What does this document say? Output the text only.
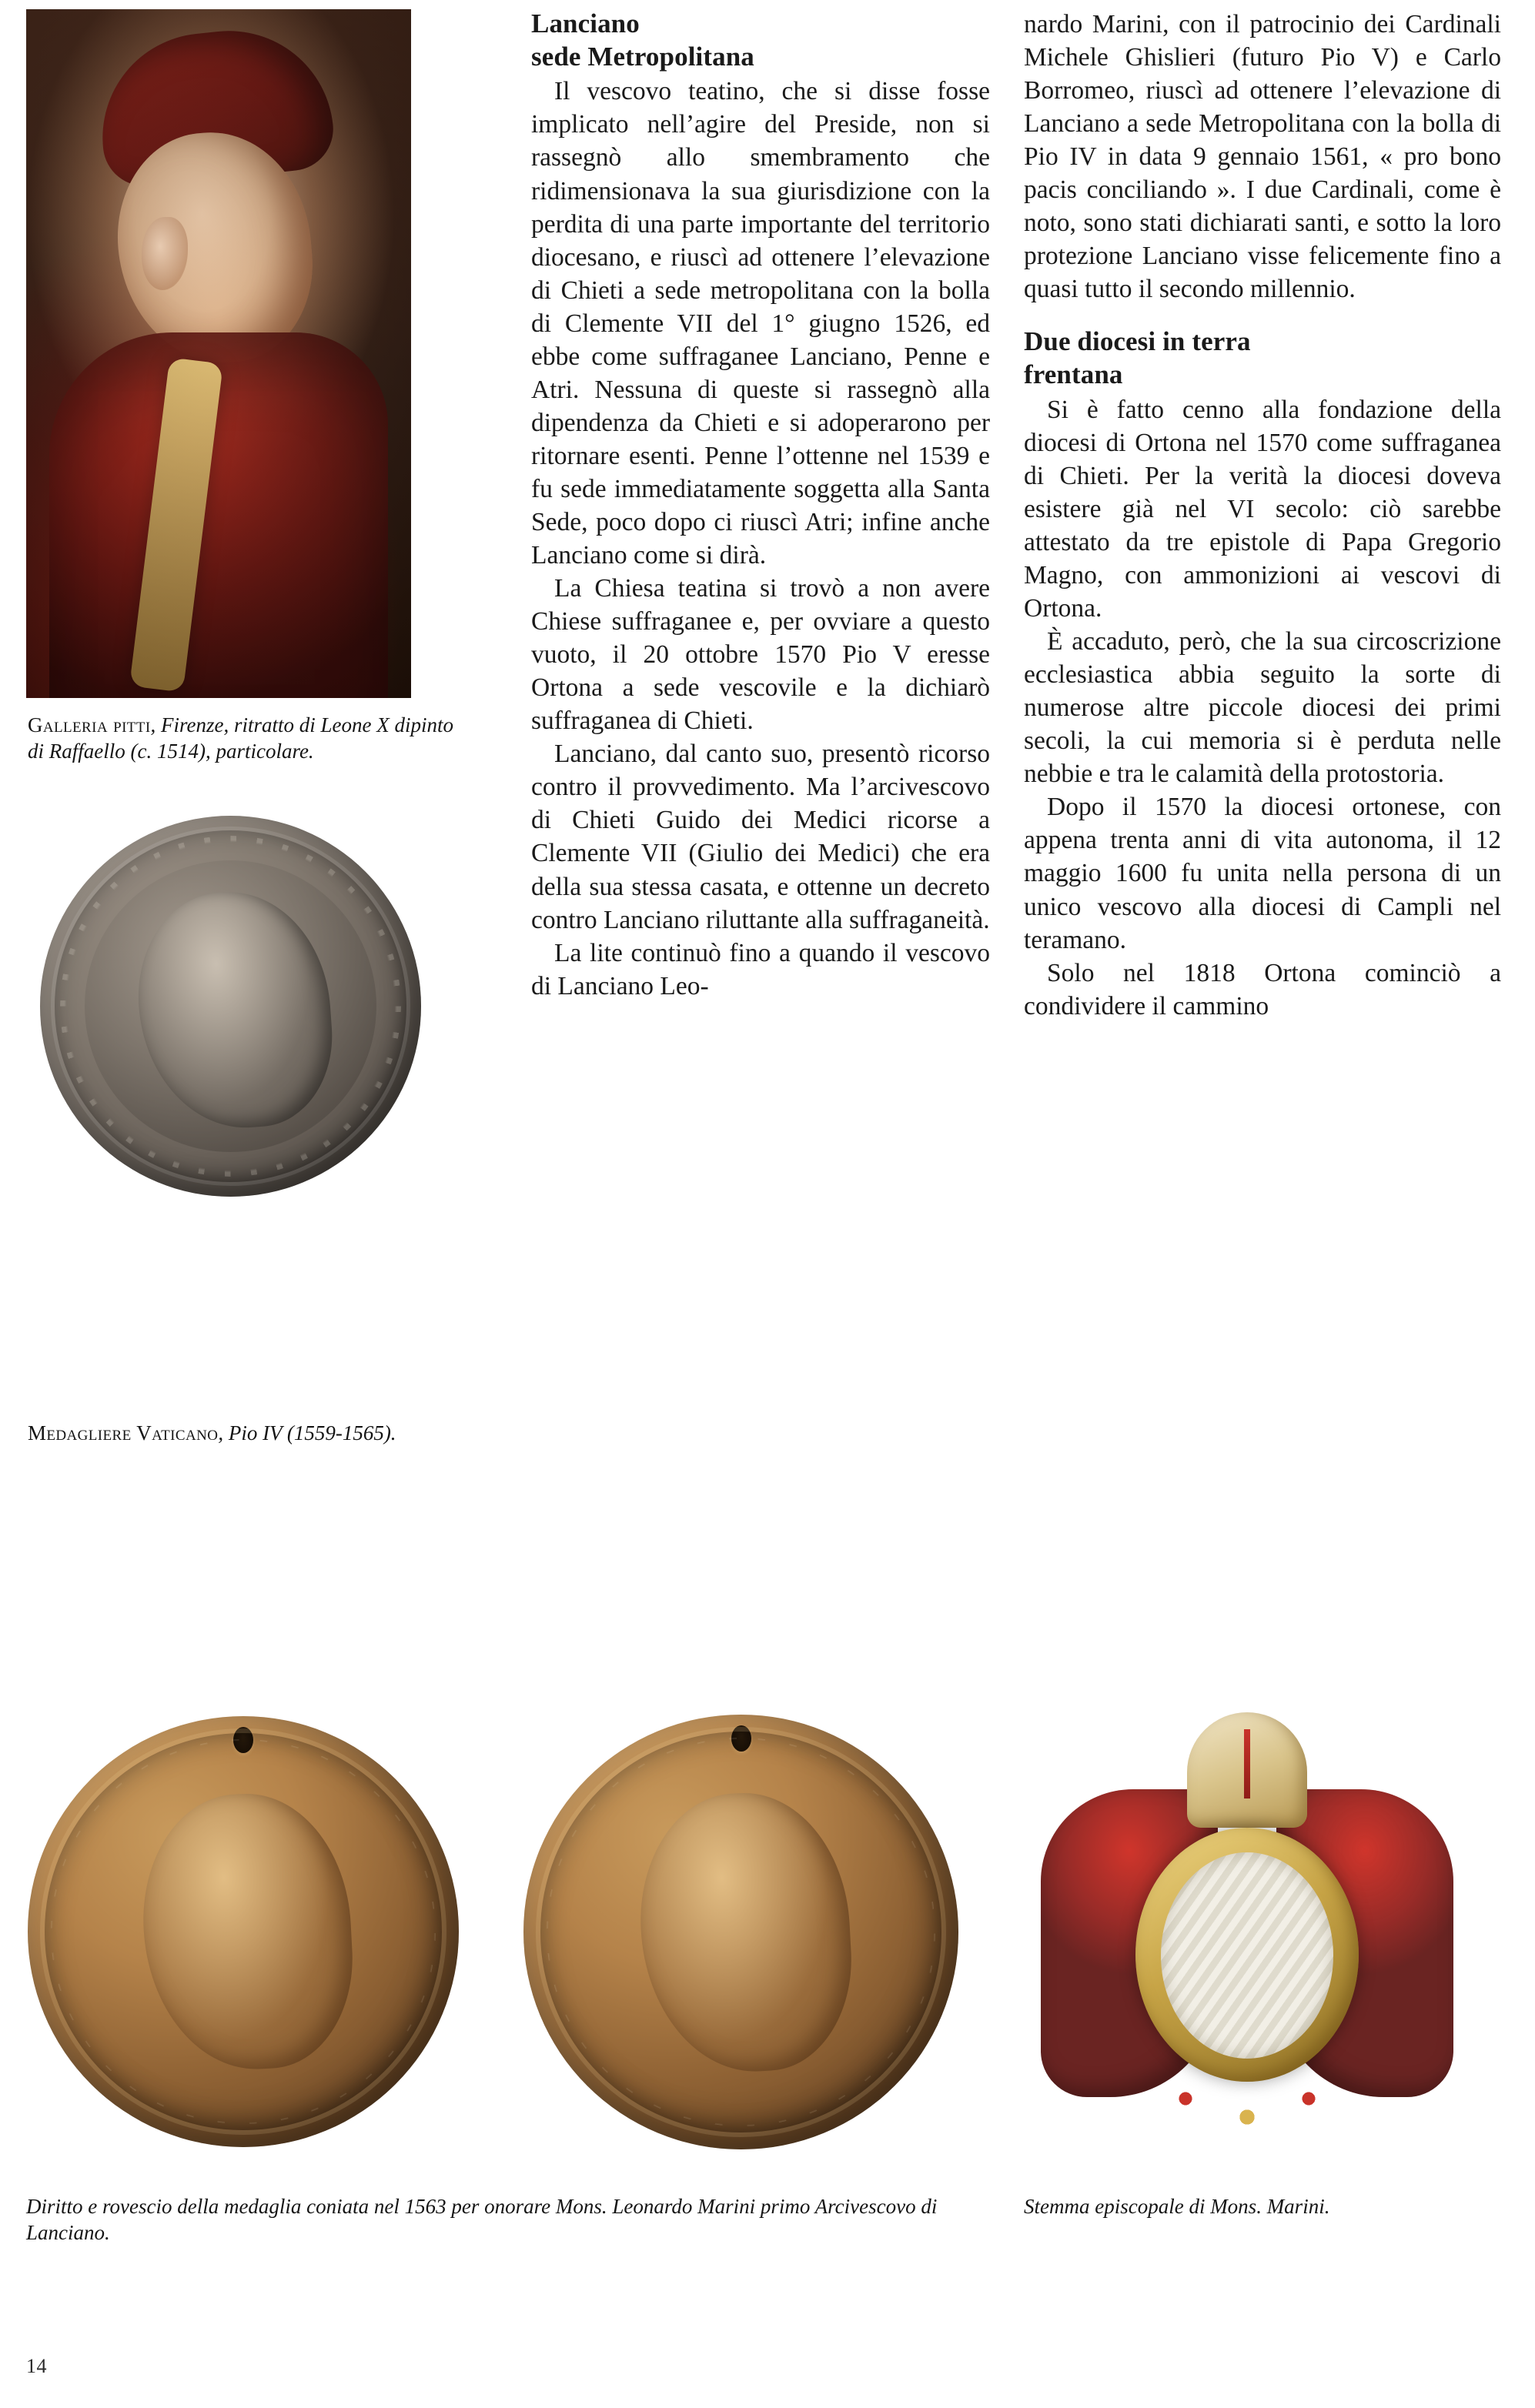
Galleria pitti, Firenze, ritratto di Leone X dipinto di Raffaello (c. 1514), particolare.
Medagliere Vaticano, Pio IV (1559-1565).
Lanciano
sede Metropolitana

Il vescovo teatino, che si disse fosse implicato nell’agire del Preside, non si rassegnò allo smembramento che ridimensionava la sua giurisdizione con la perdita di una parte importante del territorio diocesano, e riuscì ad ottenere l’elevazione di Chieti a sede metropolitana con la bolla di Clemente VII del 1° giugno 1526, ed ebbe come suffraganee Lanciano, Penne e Atri. Nessuna di queste si rassegnò alla dipendenza da Chieti e si adoperarono per ritornare esenti. Penne l’ottenne nel 1539 e fu sede immediatamente soggetta alla Santa Sede, poco dopo ci riuscì Atri; infine anche Lanciano come si dirà.

La Chiesa teatina si trovò a non avere Chiese suffraganee e, per ovviare a questo vuoto, il 20 ottobre 1570 Pio V eresse Ortona a sede vescovile e la dichiarò suffraganea di Chieti.

Lanciano, dal canto suo, presentò ricorso contro il provvedimento. Ma l’arcivescovo di Chieti Guido dei Medici ricorse a Clemente VII (Giulio dei Medici) che era della sua stessa casata, e ottenne un decreto contro Lanciano riluttante alla suffraganeità.

La lite continuò fino a quando il vescovo di Lanciano Leo-

nardo Marini, con il patrocinio dei Cardinali Michele Ghislieri (futuro Pio V) e Carlo Borromeo, riuscì ad ottenere l’elevazione di Lanciano a sede Metropolitana con la bolla di Pio IV in data 9 gennaio 1561, « pro bono pacis conciliando ». I due Cardinali, come è noto, sono stati dichiarati santi, e sotto la loro protezione Lanciano visse felicemente fino a quasi tutto il secondo millennio.

Due diocesi in terra
frentana

Si è fatto cenno alla fondazione della diocesi di Ortona nel 1570 come suffraganea di Chieti. Per la verità la diocesi doveva esistere già nel VI secolo: ciò sarebbe attestato da tre epistole di Papa Gregorio Magno, con ammonizioni ai vescovi di Ortona.

È accaduto, però, che la sua circoscrizione ecclesiastica abbia seguito la sorte di numerose altre piccole diocesi dei primi secoli, la cui memoria si è perduta nelle nebbie e tra le calamità della protostoria.

Dopo il 1570 la diocesi ortonese, con appena trenta anni di vita autonoma, il 12 maggio 1600 fu unita nella persona di un unico vescovo alla diocesi di Campli nel teramano.

Solo nel 1818 Ortona cominciò a condividere il cammino

Diritto e rovescio della medaglia coniata nel 1563 per onorare Mons. Leonardo Marini primo Arcivescovo di Lanciano.
Stemma episcopale di Mons. Marini.
14
